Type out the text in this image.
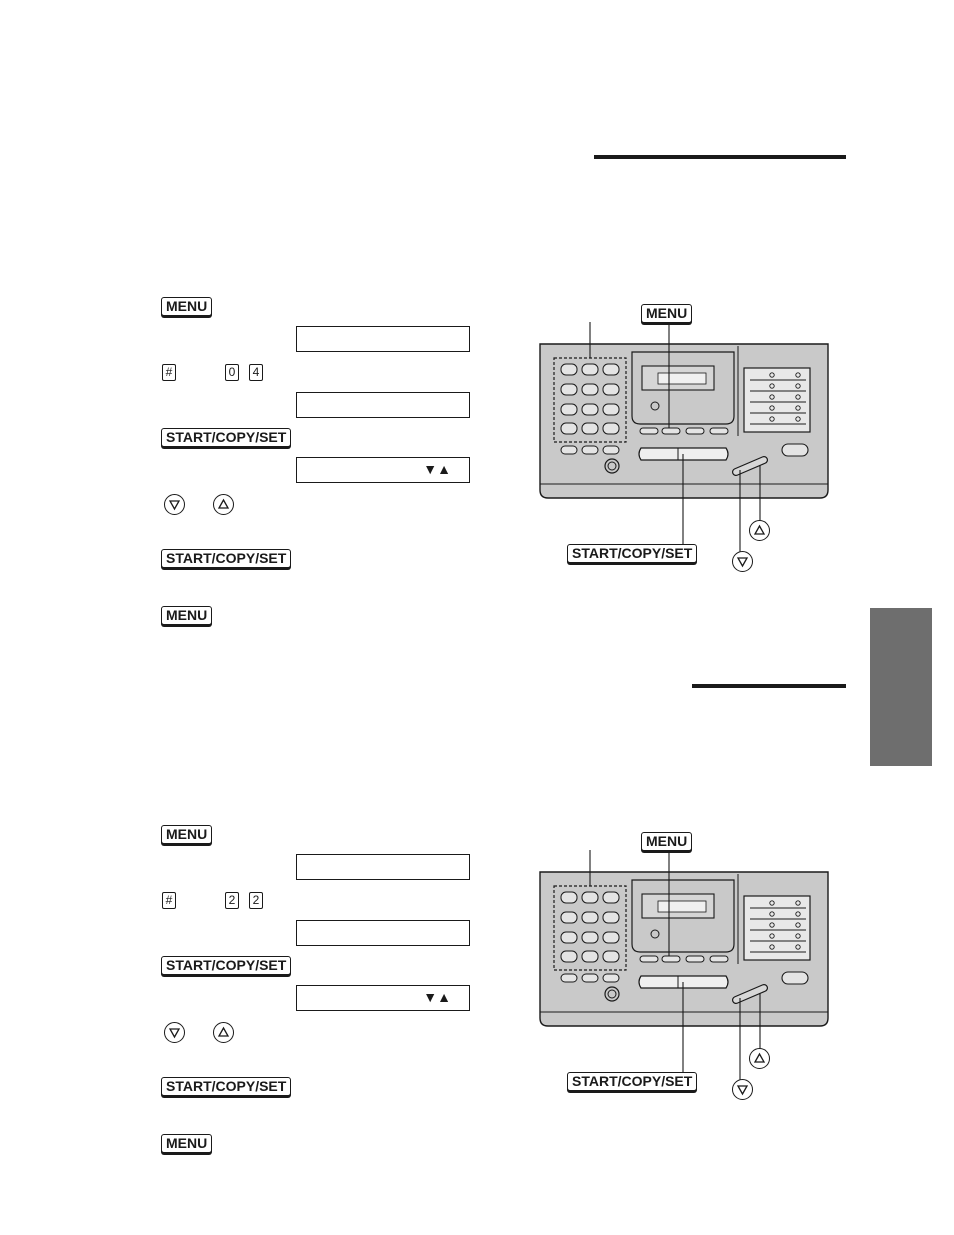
MENU
#	0	4
START/COPY/SET
▼▲
START/COPY/SET
MENU
MENU
START/COPY/SET
MENU
#	2	2
START/COPY/SET
▼▲
START/COPY/SET
MENU
MENU
START/COPY/SET
